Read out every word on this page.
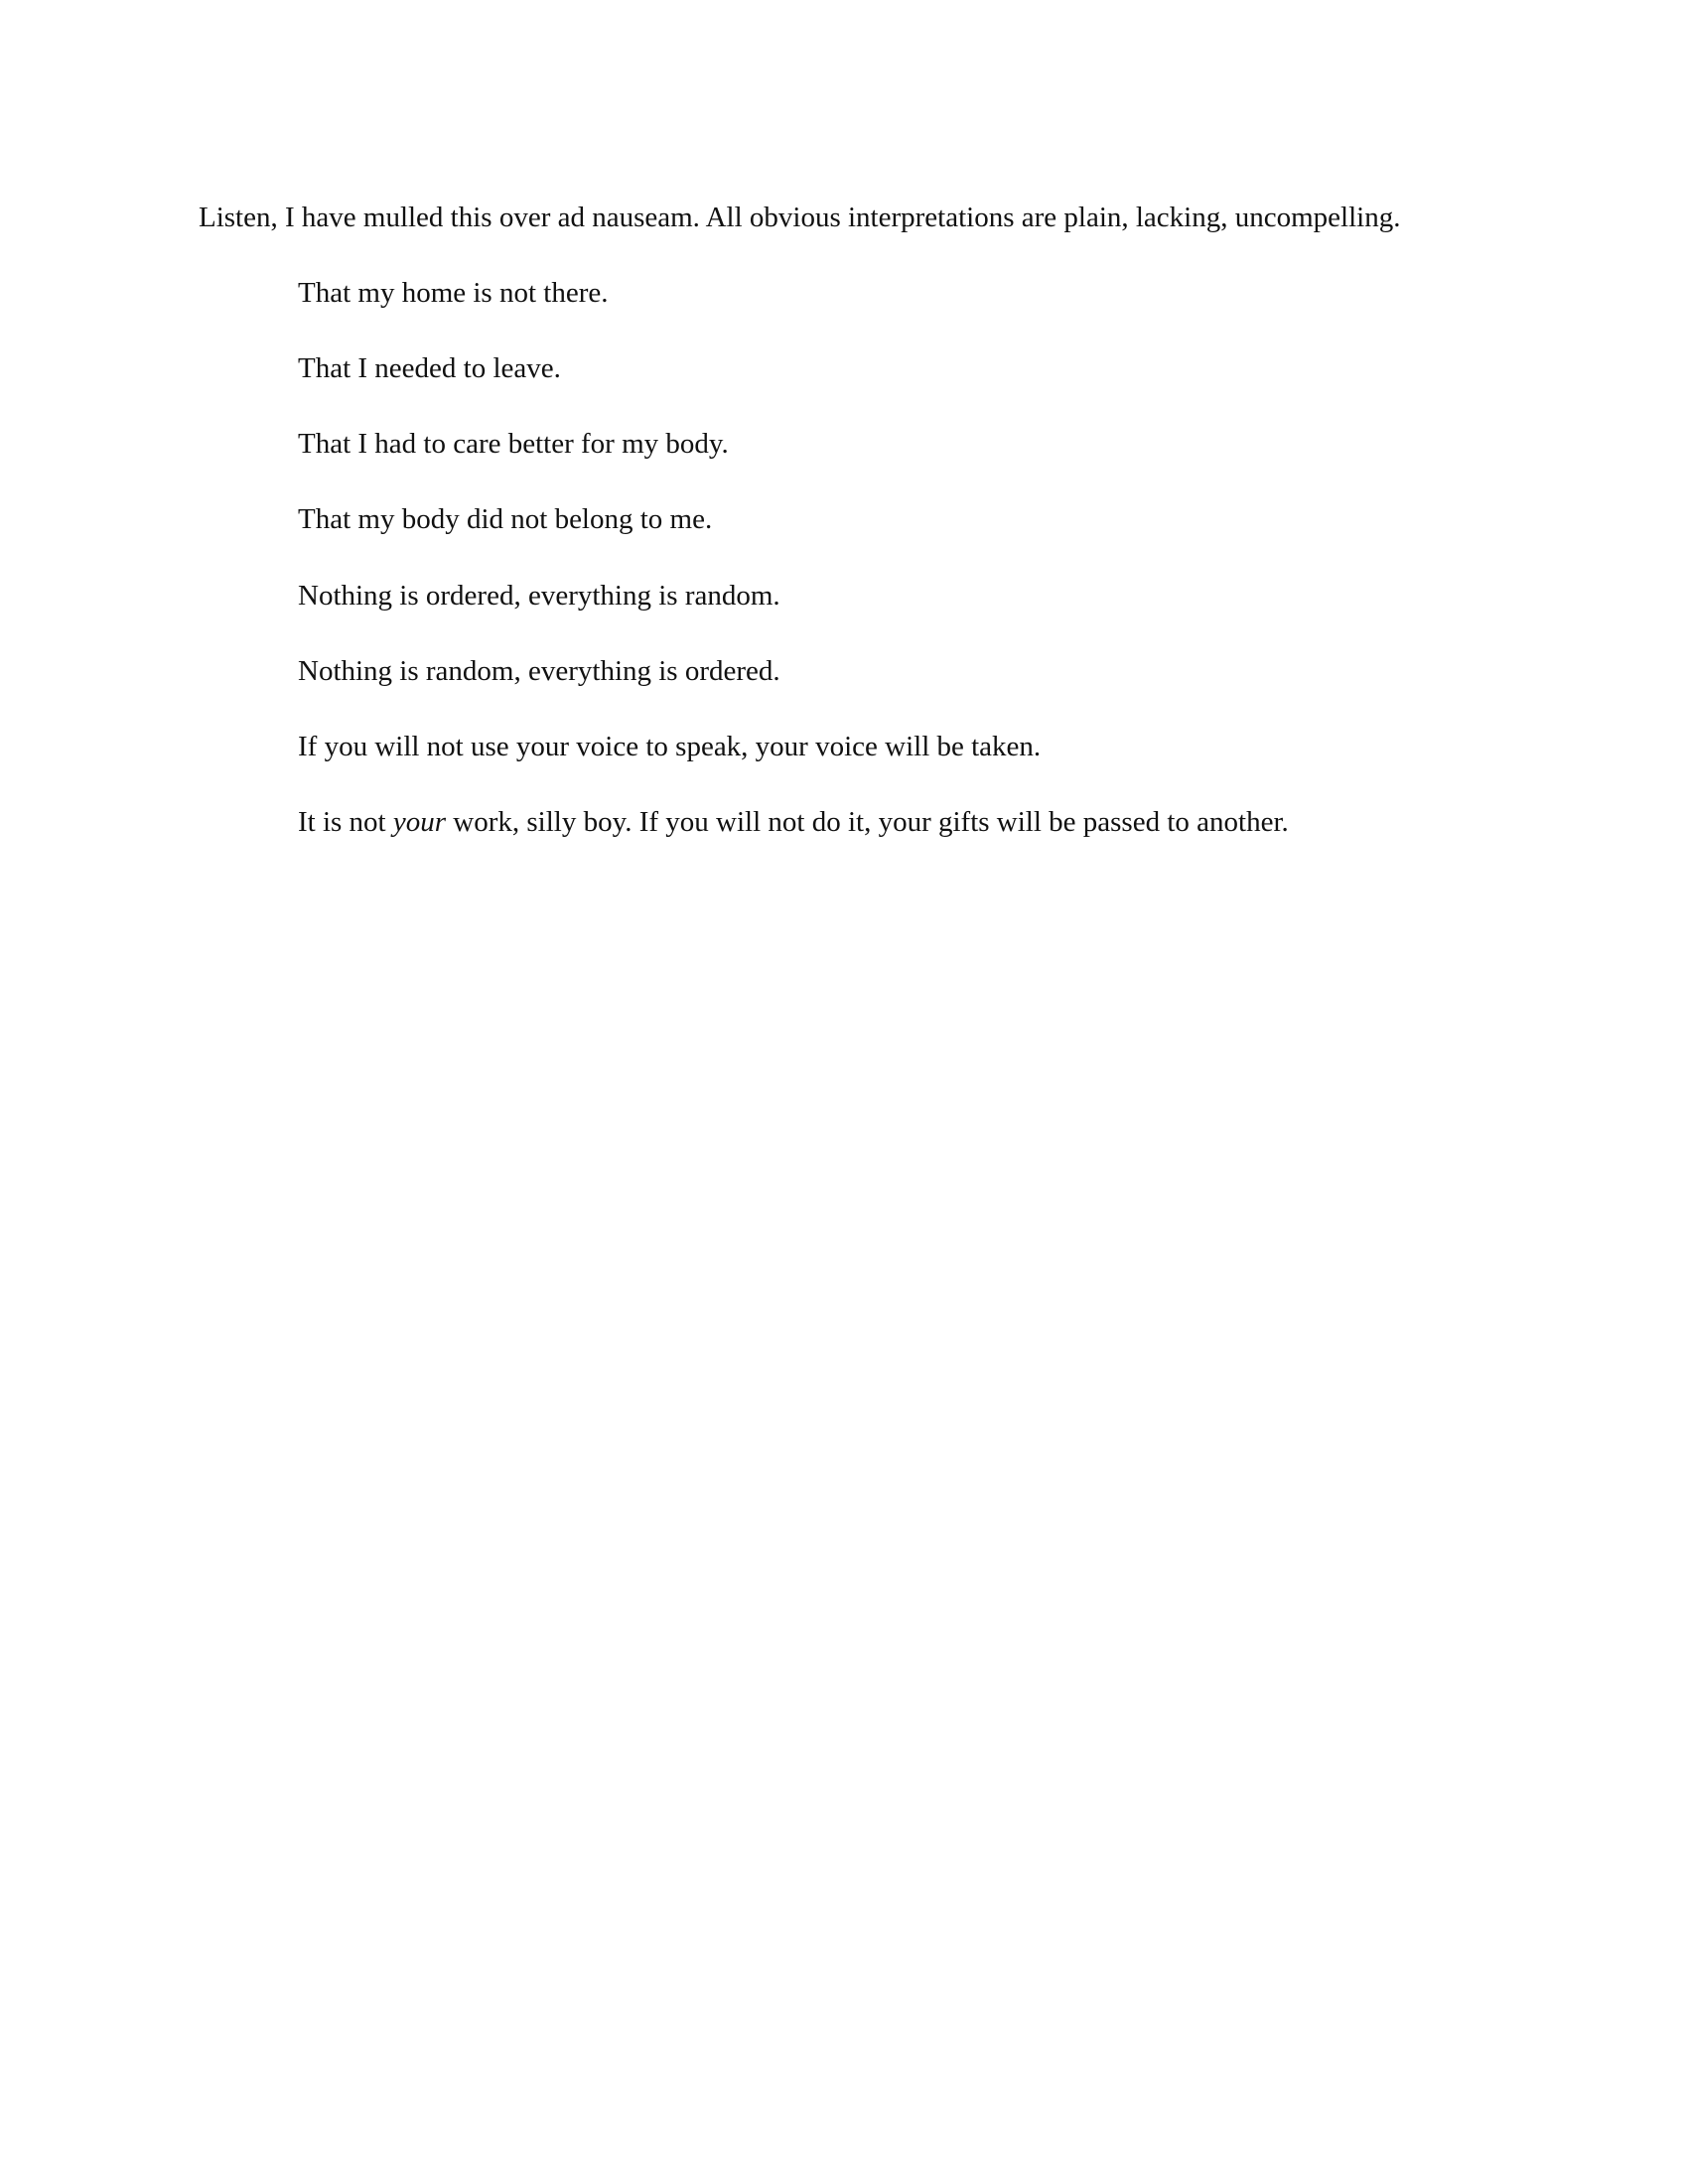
Listen, I have mulled this over ad nauseam. All obvious interpretations are plain, lacking, uncompelling.

That my home is not there.

That I needed to leave.

That I had to care better for my body.

That my body did not belong to me.

Nothing is ordered, everything is random.

Nothing is random, everything is ordered.

If you will not use your voice to speak, your voice will be taken.

It is not your work, silly boy. If you will not do it, your gifts will be passed to another.
